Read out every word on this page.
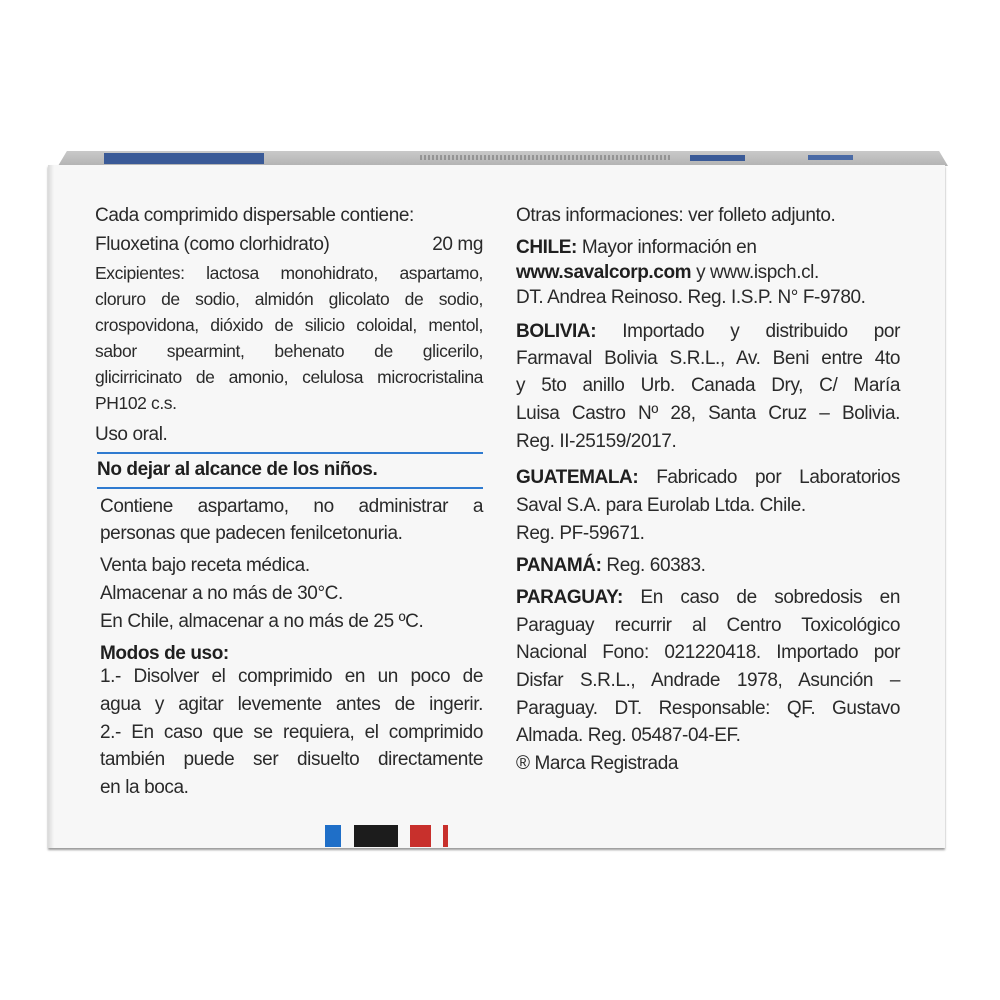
Cada comprimido dispersable contiene:
Fluoxetina (como clorhidrato)	20 mg
Excipientes: lactosa monohidrato, aspartamo,
cloruro de sodio, almidón glicolato de sodio,
crospovidona, dióxido de silicio coloidal, mentol,
sabor spearmint, behenato de glicerilo,
glicirricinato de amonio, celulosa microcristalina
PH102 c.s.
Uso oral.
No dejar al alcance de los niños.
Contiene aspartamo, no administrar a
personas que padecen fenilcetonuria.
Venta bajo receta médica.
Almacenar a no más de 30°C.
En Chile, almacenar a no más de 25 ºC.
Modos de uso:
1.- Disolver el comprimido en un poco de
agua y agitar levemente antes de ingerir.
2.- En caso que se requiera, el comprimido
también puede ser disuelto directamente
en la boca.
Otras informaciones: ver folleto adjunto.
CHILE: Mayor información en
www.savalcorp.com y www.ispch.cl.
DT. Andrea Reinoso. Reg. I.S.P. N° F-9780.
BOLIVIA: Importado y distribuido por
Farmaval Bolivia S.R.L., Av. Beni entre 4to
y 5to anillo Urb. Canada Dry, C/ María
Luisa Castro Nº 28, Santa Cruz – Bolivia.
Reg. II-25159/2017.
GUATEMALA: Fabricado por Laboratorios
Saval S.A. para Eurolab Ltda. Chile.
Reg. PF-59671.
PANAMÁ: Reg. 60383.
PARAGUAY: En caso de sobredosis en
Paraguay recurrir al Centro Toxicológico
Nacional Fono: 021220418. Importado por
Disfar S.R.L., Andrade 1978, Asunción –
Paraguay. DT. Responsable: QF. Gustavo
Almada. Reg. 05487-04-EF.
® Marca Registrada
